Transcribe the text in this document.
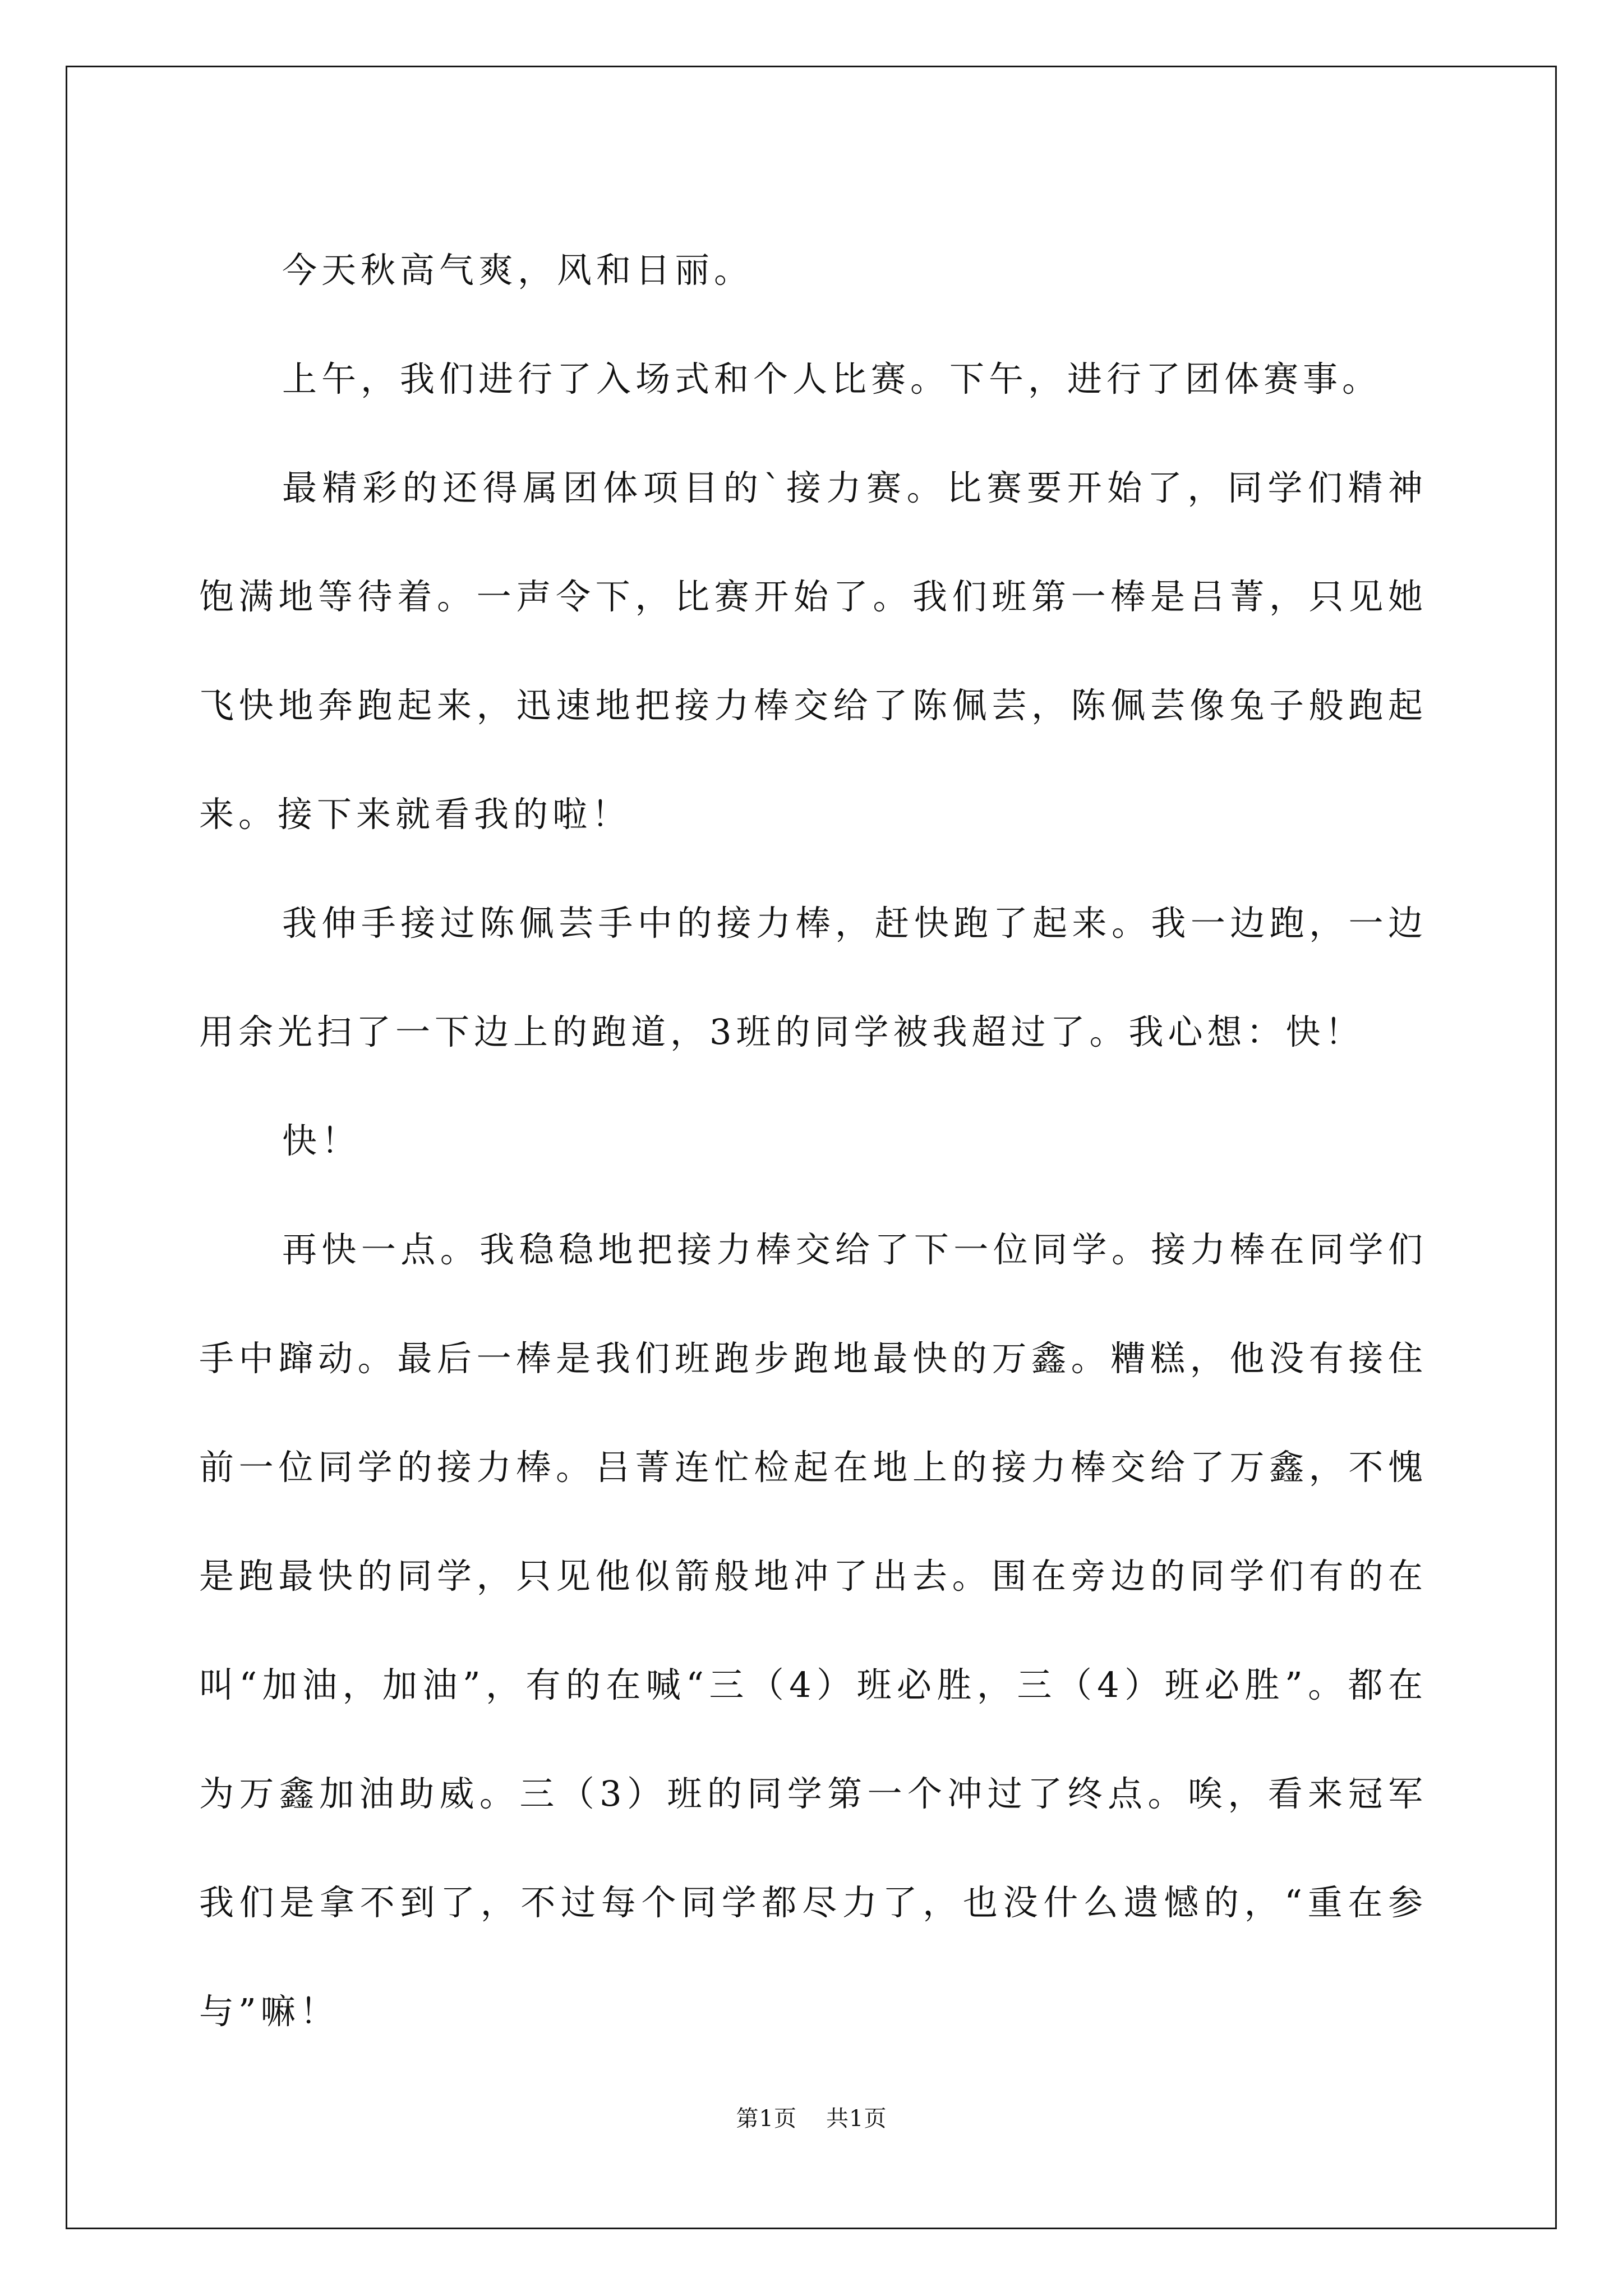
今天秋高气爽，风和日丽。

上午，我们进行了入场式和个人比赛。下午，进行了团体赛事。

最精彩的还得属团体项目的`接力赛。比赛要开始了，同学们精神饱满地等待着。一声令下，比赛开始了。我们班第一棒是吕菁，只见她飞快地奔跑起来，迅速地把接力棒交给了陈佩芸，陈佩芸像兔子般跑起来。接下来就看我的啦！

我伸手接过陈佩芸手中的接力棒，赶快跑了起来。我一边跑，一边用余光扫了一下边上的跑道，3班的同学被我超过了。我心想：快！

快！

再快一点。我稳稳地把接力棒交给了下一位同学。接力棒在同学们手中蹿动。最后一棒是我们班跑步跑地最快的万鑫。糟糕，他没有接住前一位同学的接力棒。吕菁连忙检起在地上的接力棒交给了万鑫，不愧是跑最快的同学，只见他似箭般地冲了出去。围在旁边的同学们有的在叫“加油，加油”，有的在喊“三（4）班必胜，三（4）班必胜”。都在为万鑫加油助威。三（3）班的同学第一个冲过了终点。唉，看来冠军我们是拿不到了，不过每个同学都尽力了，也没什么遗憾的，“重在参与”嘛！

第1页 共1页
